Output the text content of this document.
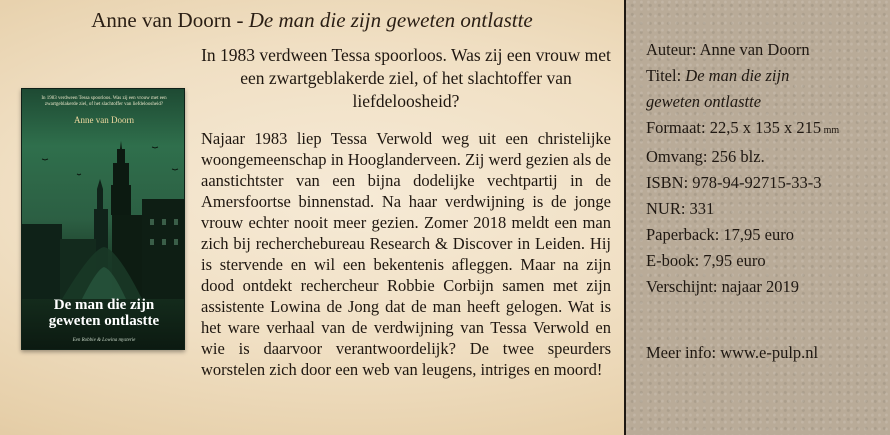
Anne van Doorn - De man die zijn geweten ontlastte
In 1983 verdween Tessa spoorloos. Was zij een vrouw met een zwartgeblakerde ziel, of het slachtoffer van liefdeloosheid?
Anne van Doorn
De man die zijn
geweten ontlastte
Een Robbie & Lowina mysterie
In 1983 verdween Tessa spoorloos. Was zij een vrouw met een zwartgeblakerde ziel, of het slachtoffer van liefdeloosheid?
Najaar 1983 liep Tessa Verwold weg uit een christelijke woongemeenschap in Hooglanderveen. Zij werd gezien als de aanstichtster van een bijna dodelijke vechtpartij in de Amersfoortse binnenstad. Na haar verdwijning is de jonge vrouw echter nooit meer gezien. Zomer 2018 meldt een man zich bij recherchebureau Research & Discover in Leiden. Hij is stervende en wil een bekentenis afleggen. Maar na zijn dood ontdekt rechercheur Robbie Corbijn samen met zijn assistente Lowina de Jong dat de man heeft gelogen. Wat is het ware verhaal van de verdwijning van Tessa Verwold en wie is daarvoor verantwoordelijk? De twee speurders worstelen zich door een web van leugens, intriges en moord!
Auteur: Anne van Doorn
Titel: De man die zijn
geweten ontlastte
Formaat: 22,5 x 135 x 215 mm
Omvang: 256 blz.
ISBN: 978-94-92715-33-3
NUR: 331
Paperback: 17,95 euro
E-book: 7,95 euro
Verschijnt: najaar 2019
Meer info: www.e-pulp.nl
